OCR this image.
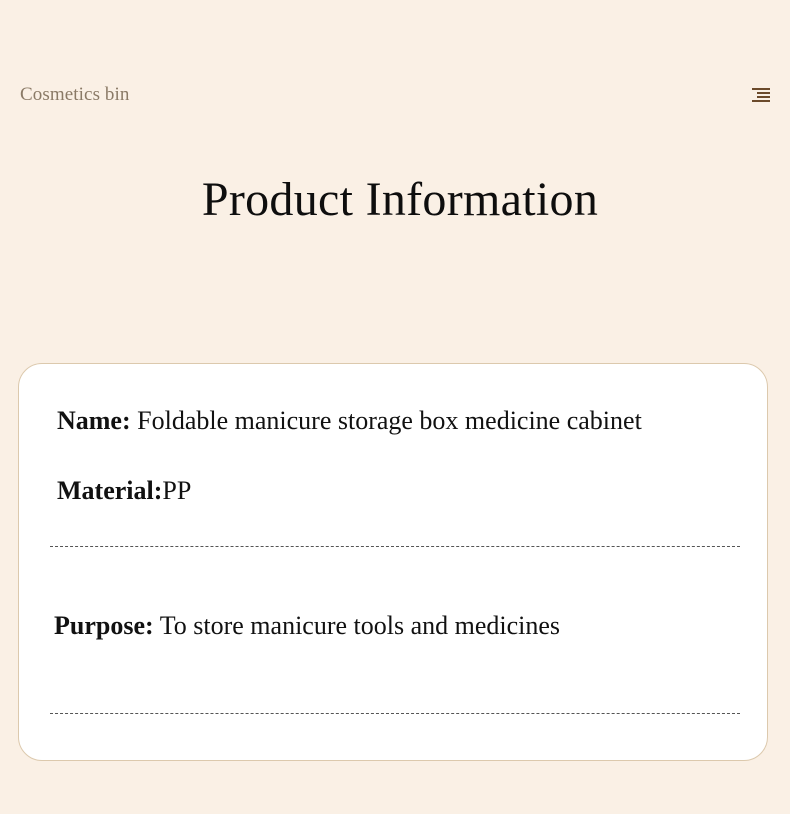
Cosmetics bin
Product Information
Name: Foldable manicure storage box medicine cabinet
Material:PP
Purpose: To store manicure tools and medicines
